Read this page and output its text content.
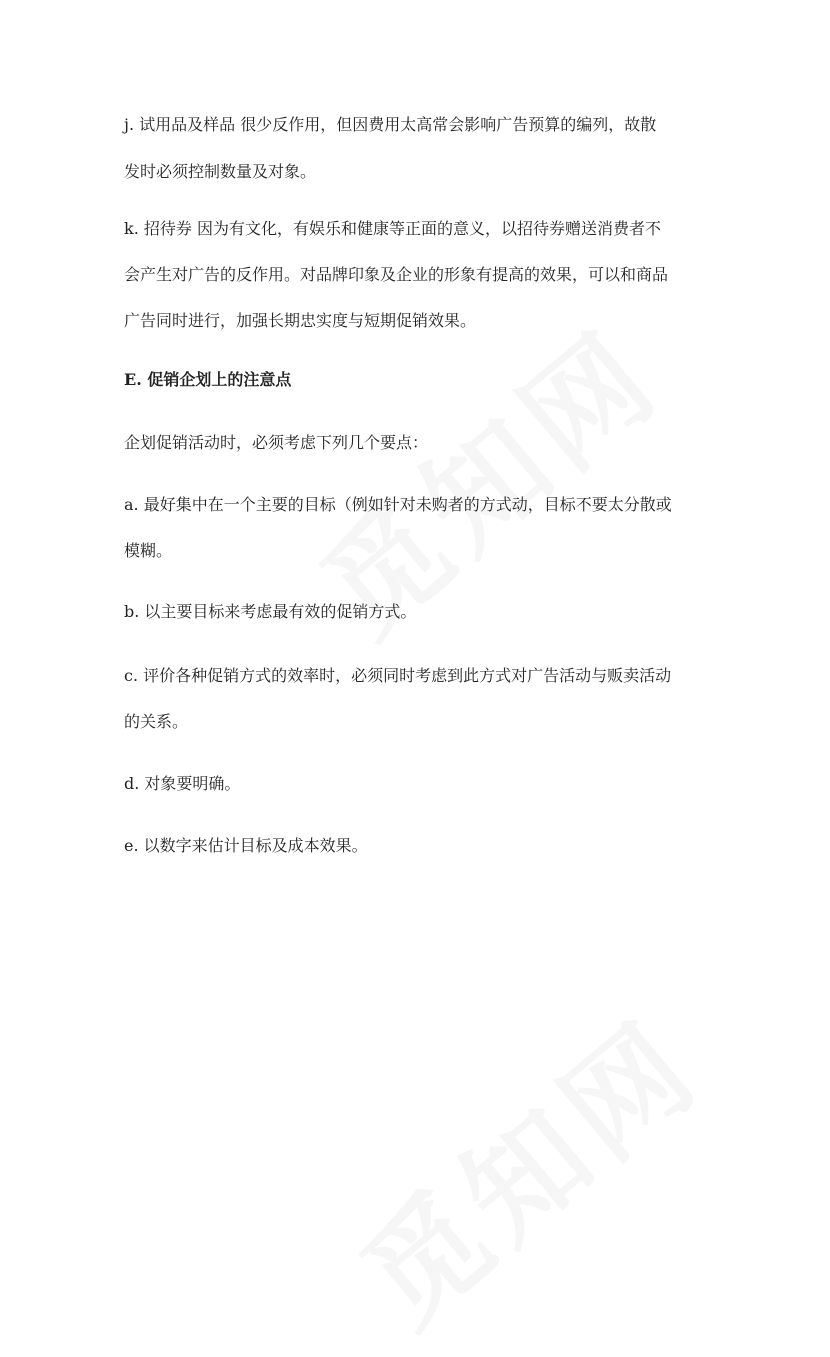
j. 试用品及样品 很少反作用，但因费用太高常会影响广告预算的编列，故散

发时必须控制数量及对象。

k. 招待券 因为有文化，有娱乐和健康等正面的意义，以招待券赠送消费者不

会产生对广告的反作用。对品牌印象及企业的形象有提高的效果，可以和商品

广告同时进行，加强长期忠实度与短期促销效果。

E. 促销企划上的注意点

企划促销活动时，必须考虑下列几个要点：

a. 最好集中在一个主要的目标（例如针对未购者的方式动，目标不要太分散或

模糊。

b. 以主要目标来考虑最有效的促销方式。

c. 评价各种促销方式的效率时，必须同时考虑到此方式对广告活动与贩卖活动

的关系。

d. 对象要明确。

e. 以数字来估计目标及成本效果。
